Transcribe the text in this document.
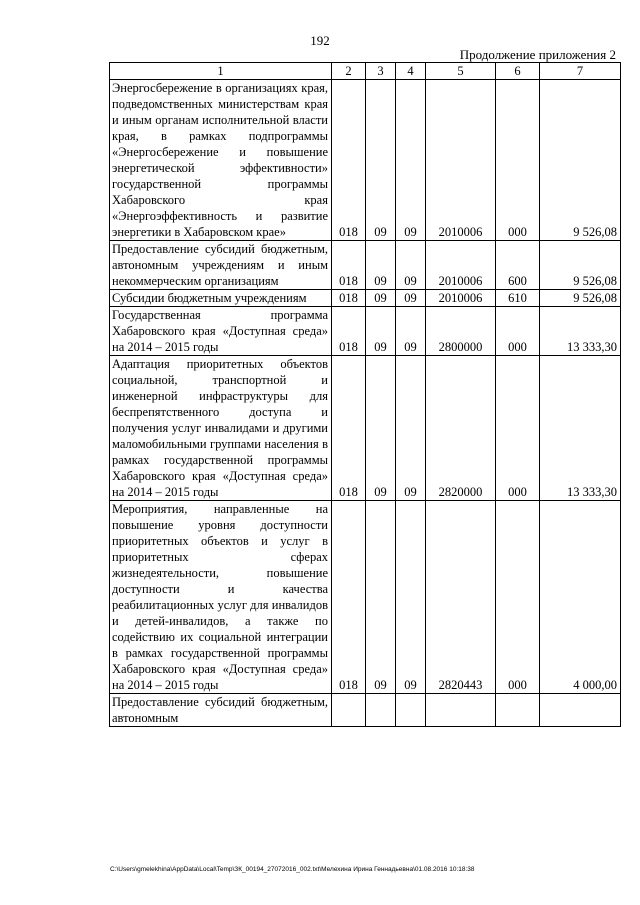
192
Продолжение приложения 2
1	2	3	4	5	6	7
Энергосбережение в организациях края, подведомственных министерствам края и иным органам исполнительной власти края, в рамках подпрограммы «Энергосбережение и повышение энергетической эффективности» государственной программы Хабаровского края «Энергоэффективность и развитие энергетики в Хабаровском крае»	018	09	09	2010006	000	9 526,08
Предоставление субсидий бюджетным, автономным учреждениям и иным некоммерческим организациям	018	09	09	2010006	600	9 526,08
Субсидии бюджетным учреждениям	018	09	09	2010006	610	9 526,08
Государственная программа Хабаровского края «Доступная среда» на 2014 – 2015 годы	018	09	09	2800000	000	13 333,30
Адаптация приоритетных объектов социальной, транспортной и инженерной инфраструктуры для беспрепятственного доступа и получения услуг инвалидами и другими маломобильными группами населения в рамках государственной программы Хабаровского края «Доступная среда» на 2014 – 2015 годы	018	09	09	2820000	000	13 333,30
Мероприятия, направленные на повышение уровня доступности приоритетных объектов и услуг в приоритетных сферах жизнедеятельности, повышение доступности и качества реабилитационных услуг для инвалидов и детей-инвалидов, а также по содействию их социальной интеграции в рамках государственной программы Хабаровского края «Доступная среда» на 2014 – 2015 годы	018	09	09	2820443	000	4 000,00
Предоставление субсидий бюджетным, автономным						
C:\Users\gmelekhina\AppData\Local\Temp\ЗК_00194_27072016_002.txt\Мелехина Ирина Геннадьевна\01.08.2016 10:18:38
